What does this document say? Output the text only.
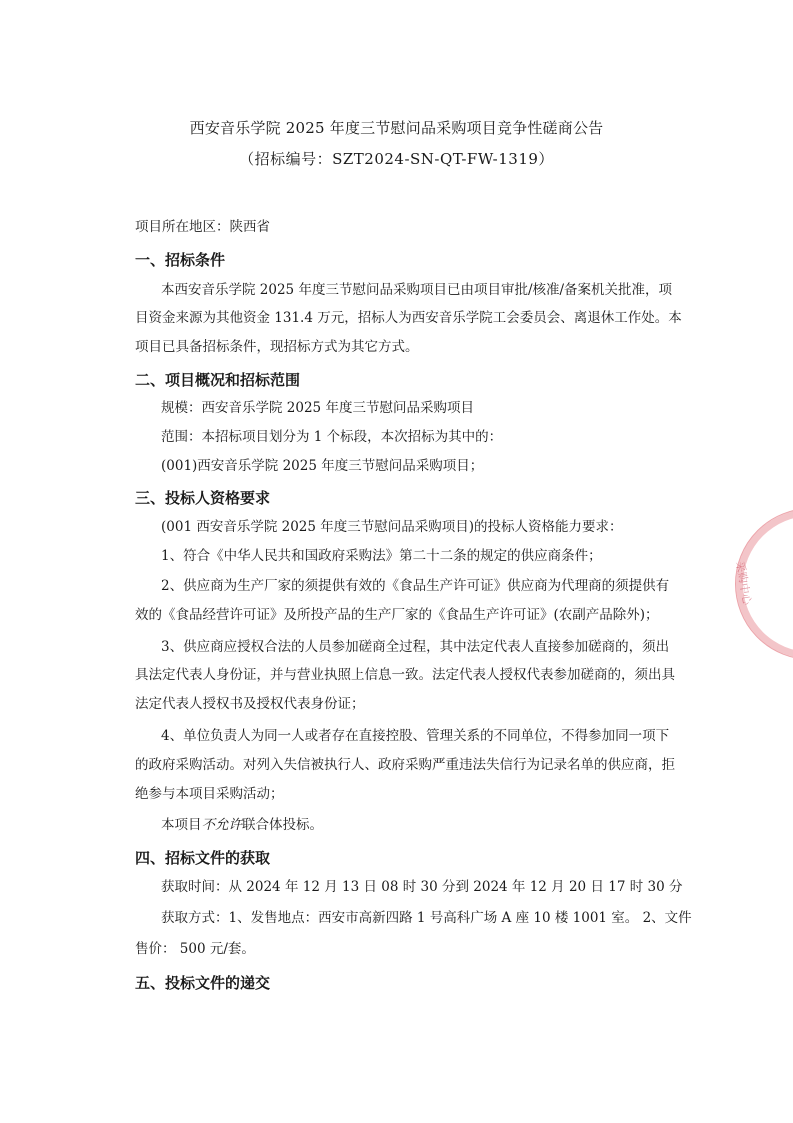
西安音乐学院 2025 年度三节慰问品采购项目竞争性磋商公告
（招标编号：SZT2024-SN-QT-FW-1319）
项目所在地区：陕西省
一、招标条件
本西安音乐学院 2025 年度三节慰问品采购项目已由项目审批/核准/备案机关批准，项
目资金来源为其他资金 131.4 万元，招标人为西安音乐学院工会委员会、离退休工作处。本
项目已具备招标条件，现招标方式为其它方式。
二、项目概况和招标范围
规模：西安音乐学院 2025 年度三节慰问品采购项目
范围：本招标项目划分为 1 个标段，本次招标为其中的：
(001)西安音乐学院 2025 年度三节慰问品采购项目；
三、投标人资格要求
(001 西安音乐学院 2025 年度三节慰问品采购项目)的投标人资格能力要求：
1、符合《中华人民共和国政府采购法》第二十二条的规定的供应商条件；
2、供应商为生产厂家的须提供有效的《食品生产许可证》供应商为代理商的须提供有
效的《食品经营许可证》及所投产品的生产厂家的《食品生产许可证》(农副产品除外)；
3、供应商应授权合法的人员参加磋商全过程，其中法定代表人直接参加磋商的，须出
具法定代表人身份证，并与营业执照上信息一致。法定代表人授权代表参加磋商的，须出具
法定代表人授权书及授权代表身份证；
4、单位负责人为同一人或者存在直接控股、管理关系的不同单位，不得参加同一项下
的政府采购活动。对列入失信被执行人、政府采购严重违法失信行为记录名单的供应商，拒
绝参与本项目采购活动；
本项目不允许联合体投标。
四、招标文件的获取
获取时间：从 2024 年 12 月 13 日 08 时 30 分到 2024 年 12 月 20 日 17 时 30 分
获取方式：1、发售地点：西安市高新四路 1 号高科广场 A 座 10 楼 1001 室。 2、文件
售价： 500 元/套。
五、投标文件的递交
采购中心
